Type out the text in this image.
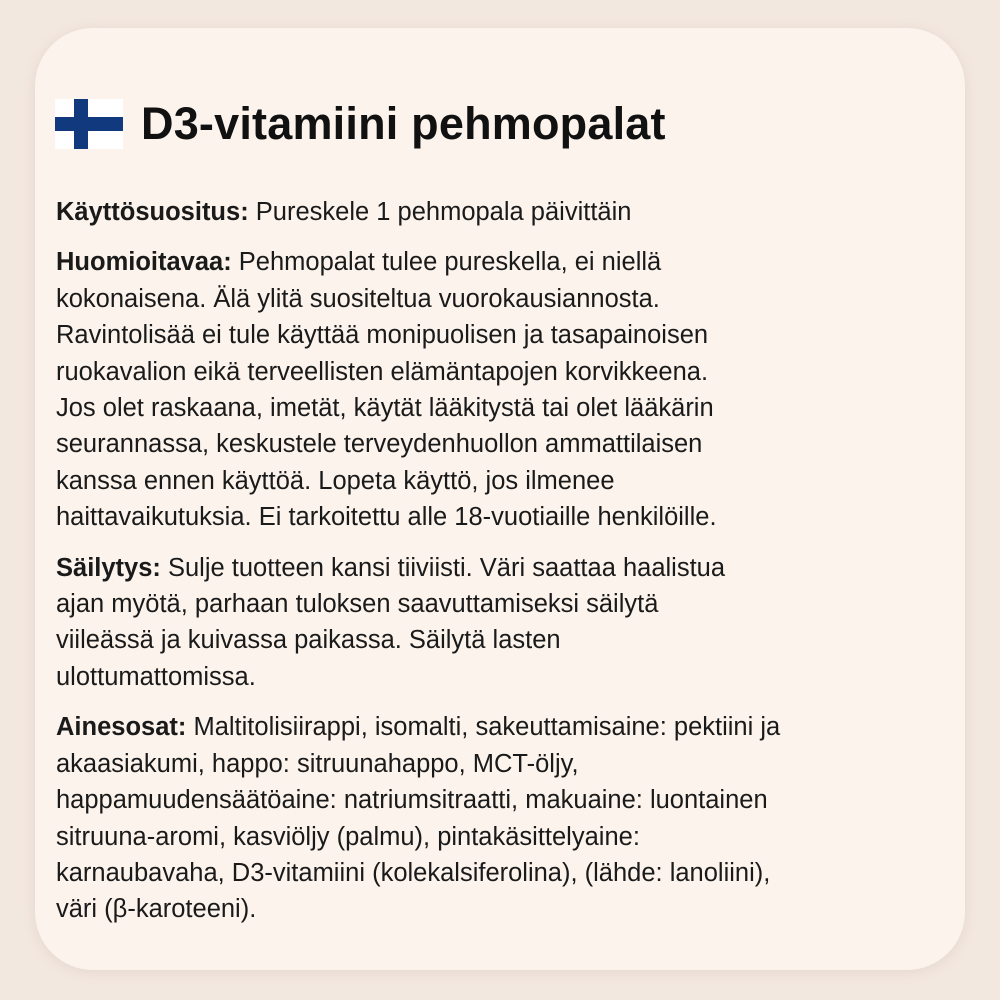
D3-vitamiini pehmopalat
Käyttösuositus: Pureskele 1 pehmopala päivittäin
Huomioitavaa: Pehmopalat tulee pureskella, ei niellä
kokonaisena. Älä ylitä suositeltua vuorokausiannosta.
Ravintolisää ei tule käyttää monipuolisen ja tasapainoisen
ruokavalion eikä terveellisten elämäntapojen korvikkeena.
Jos olet raskaana, imetät, käytät lääkitystä tai olet lääkärin
seurannassa, keskustele terveydenhuollon ammattilaisen
kanssa ennen käyttöä. Lopeta käyttö, jos ilmenee
haittavaikutuksia. Ei tarkoitettu alle 18-vuotiaille henkilöille.
Säilytys: Sulje tuotteen kansi tiiviisti. Väri saattaa haalistua
ajan myötä, parhaan tuloksen saavuttamiseksi säilytä
viileässä ja kuivassa paikassa. Säilytä lasten
ulottumattomissa.
Ainesosat: Maltitolisiirappi, isomalti, sakeuttamisaine: pektiini ja
akaasiakumi, happo: sitruunahappo, MCT-öljy,
happamuudensäätöaine: natriumsitraatti, makuaine: luontainen
sitruuna-aromi, kasviöljy (palmu), pintakäsittelyaine:
karnaubavaha, D3-vitamiini (kolekalsiferolina), (lähde: lanoliini),
väri (β-karoteeni).
